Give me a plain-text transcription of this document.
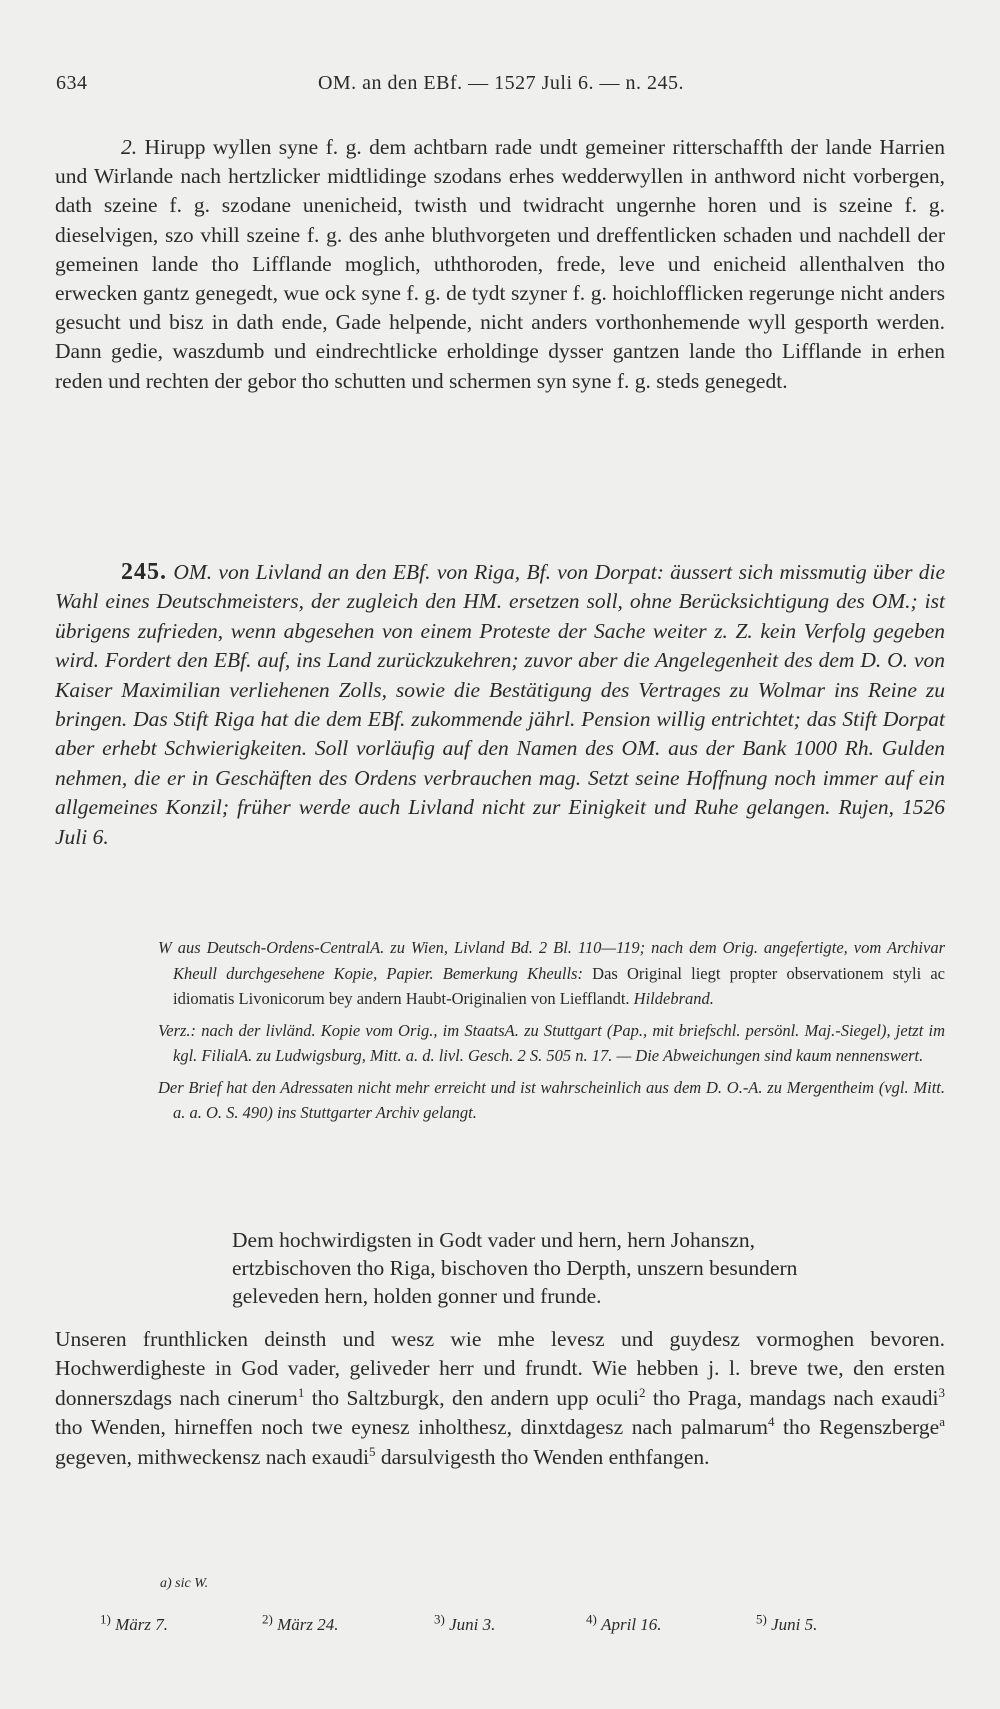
634	OM. an den EBf. — 1527 Juli 6. — n. 245.
2. Hirupp wyllen syne f. g. dem achtbarn rade undt gemeiner ritterschaffth der lande Harrien und Wirlande nach hertzlicker midtlidinge szodans erhes wedderwyllen in anthword nicht vorbergen, dath szeine f. g. szodane unenicheid, twisth und twidracht ungernhe horen und is szeine f. g. dieselvigen, szo vhill szeine f. g. des anhe bluthvorgeten und dreffentlicken schaden und nachdell der gemeinen lande tho Lifflande moglich, uththoroden, frede, leve und enicheid allenthalven tho erwecken gantz genegedt, wue ock syne f. g. de tydt szyner f. g. hoichlofflicken regerunge nicht anders gesucht und bisz in dath ende, Gade helpende, nicht anders vorthonhemende wyll gesporth werden. Dann gedie, waszdumb und eindrechtlicke erholdinge dysser gantzen lande tho Lifflande in erhen reden und rechten der gebor tho schutten und schermen syn syne f. g. steds genegedt.
245. OM. von Livland an den EBf. von Riga, Bf. von Dorpat: äussert sich missmutig über die Wahl eines Deutschmeisters, der zugleich den HM. ersetzen soll, ohne Berücksichtigung des OM.; ist übrigens zufrieden, wenn abgesehen von einem Proteste der Sache weiter z. Z. kein Verfolg gegeben wird. Fordert den EBf. auf, ins Land zurückzukehren; zuvor aber die Angelegenheit des dem D. O. von Kaiser Maximilian verliehenen Zolls, sowie die Bestätigung des Vertrages zu Wolmar ins Reine zu bringen. Das Stift Riga hat die dem EBf. zukommende jährl. Pension willig entrichtet; das Stift Dorpat aber erhebt Schwierigkeiten. Soll vorläufig auf den Namen des OM. aus der Bank 1000 Rh. Gulden nehmen, die er in Geschäften des Ordens verbrauchen mag. Setzt seine Hoffnung noch immer auf ein allgemeines Konzil; früher werde auch Livland nicht zur Einigkeit und Ruhe gelangen. Rujen, 1526 Juli 6.

W aus Deutsch-Ordens-CentralA. zu Wien, Livland Bd. 2 Bl. 110—119; nach dem Orig. angefertigte, vom Archivar Kheull durchgesehene Kopie, Papier. Bemerkung Kheulls: Das Original liegt propter observationem styli ac idiomatis Livonicorum bey andern Haubt-Originalien von Liefflandt. Hildebrand.

Verz.: nach der livländ. Kopie vom Orig., im StaatsA. zu Stuttgart (Pap., mit briefschl. persönl. Maj.-Siegel), jetzt im kgl. FilialA. zu Ludwigsburg, Mitt. a. d. livl. Gesch. 2 S. 505 n. 17. — Die Abweichungen sind kaum nennenswert.

Der Brief hat den Adressaten nicht mehr erreicht und ist wahrscheinlich aus dem D. O.-A. zu Mergentheim (vgl. Mitt. a. a. O. S. 490) ins Stuttgarter Archiv gelangt.

Dem hochwirdigsten in Godt vader und hern, hern Johanszn,

ertzbischoven tho Riga, bischoven tho Derpth, unszern besundern

geleveden hern, holden gonner und frunde.

Unseren frunthlicken deinsth und wesz wie mhe levesz und guydesz vormoghen bevoren. Hochwerdigheste in God vader, geliveder herr und frundt. Wie hebben j. l. breve twe, den ersten donnerszdags nach cinerum$^1$ tho Saltzburgk, den andern upp oculi$^2$ tho Praga, mandags nach exaudi$^3$ tho Wenden, hirneffen noch twe eynesz inholthesz, dinxtdagesz nach palmarum$^4$ tho Regenszberge$^a$ gegeven, mithweckensz nach exaudi$^5$ darsulvigesth tho Wenden enthfangen.
a) sic W.
$^{1)}$ März 7.	$^{2)}$ März 24.	$^{3)}$ Juni 3.	$^{4)}$ April 16.	$^{5)}$ Juni 5.
